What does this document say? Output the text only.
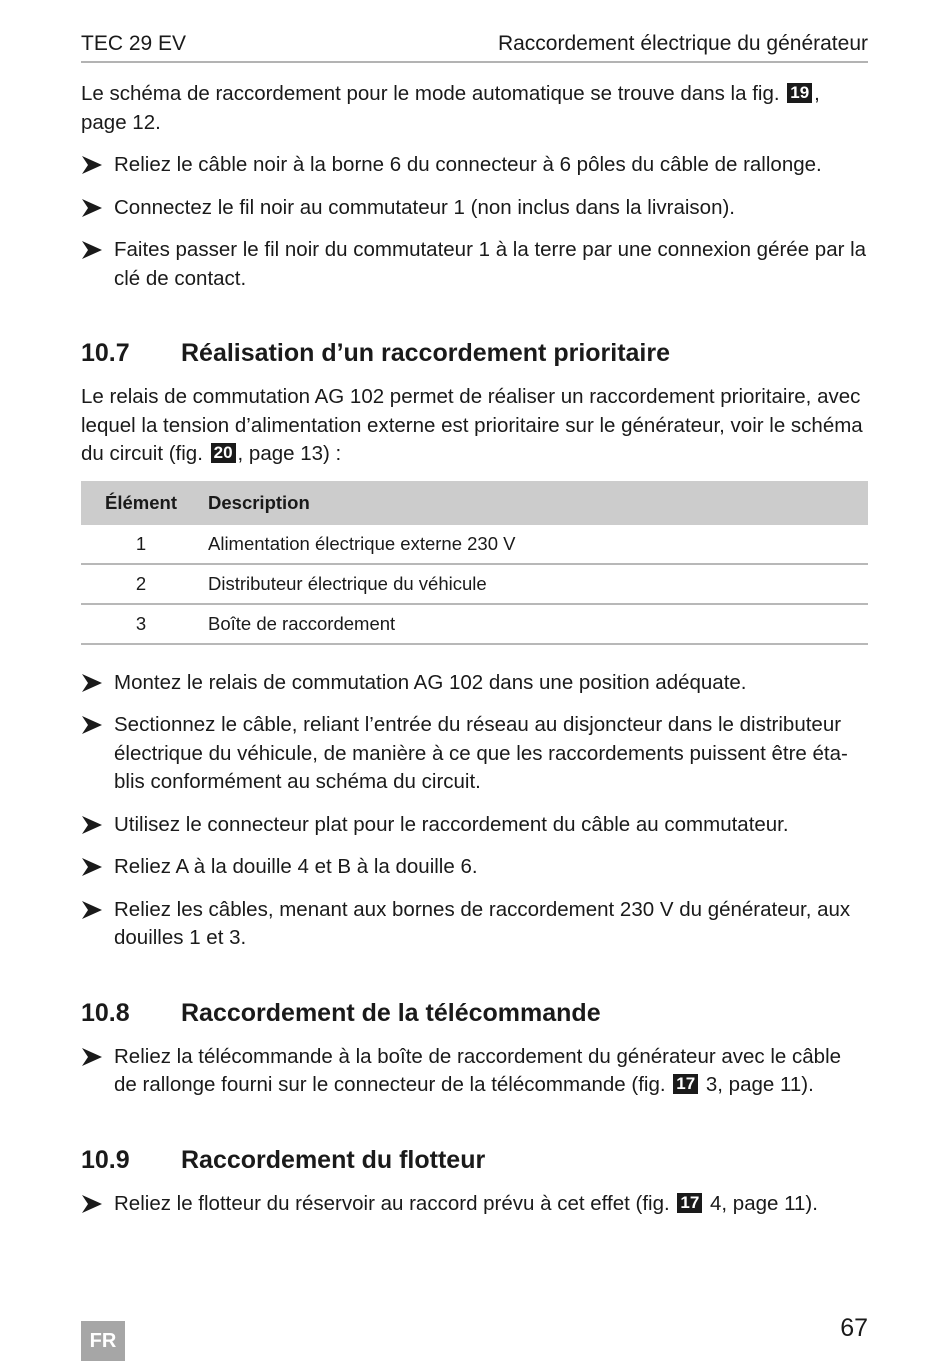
TEC 29 EV	Raccordement électrique du générateur

Le schéma de raccordement pour le mode automatique se trouve dans la fig. 19 , page 12.

Reliez le câble noir à la borne 6 du connecteur à 6 pôles du câble de rallonge.
Connectez le fil noir au commutateur 1 (non inclus dans la livraison).
Faites passer le fil noir du commutateur 1 à la terre par une connexion gérée par la clé de contact.
10.7 Réalisation d’un raccordement prioritaire

Le relais de commutation AG 102 permet de réaliser un raccordement prioritaire, avec lequel la tension d’alimentation externe est prioritaire sur le générateur, voir le schéma du circuit (fig. 20 , page 13) :

Élément	Description
1	Alimentation électrique externe 230 V
2	Distributeur électrique du véhicule
3	Boîte de raccordement
Montez le relais de commutation AG 102 dans une position adéquate.
Sectionnez le câble, reliant l’entrée du réseau au disjoncteur dans le distributeur électrique du véhicule, de manière à ce que les raccordements puissent être éta- blis conformément au schéma du circuit.
Utilisez le connecteur plat pour le raccordement du câble au commutateur.
Reliez A à la douille 4 et B à la douille 6.
Reliez les câbles, menant aux bornes de raccordement 230 V du générateur, aux douilles 1 et 3.
10.8 Raccordement de la télécommande
Reliez la télécommande à la boîte de raccordement du générateur avec le câble de rallonge fourni sur le connecteur de la télécommande (fig. 17 3, page 11).
10.9 Raccordement du flotteur
Reliez le flotteur du réservoir au raccord prévu à cet effet (fig. 17 4, page 11).
FR	67
